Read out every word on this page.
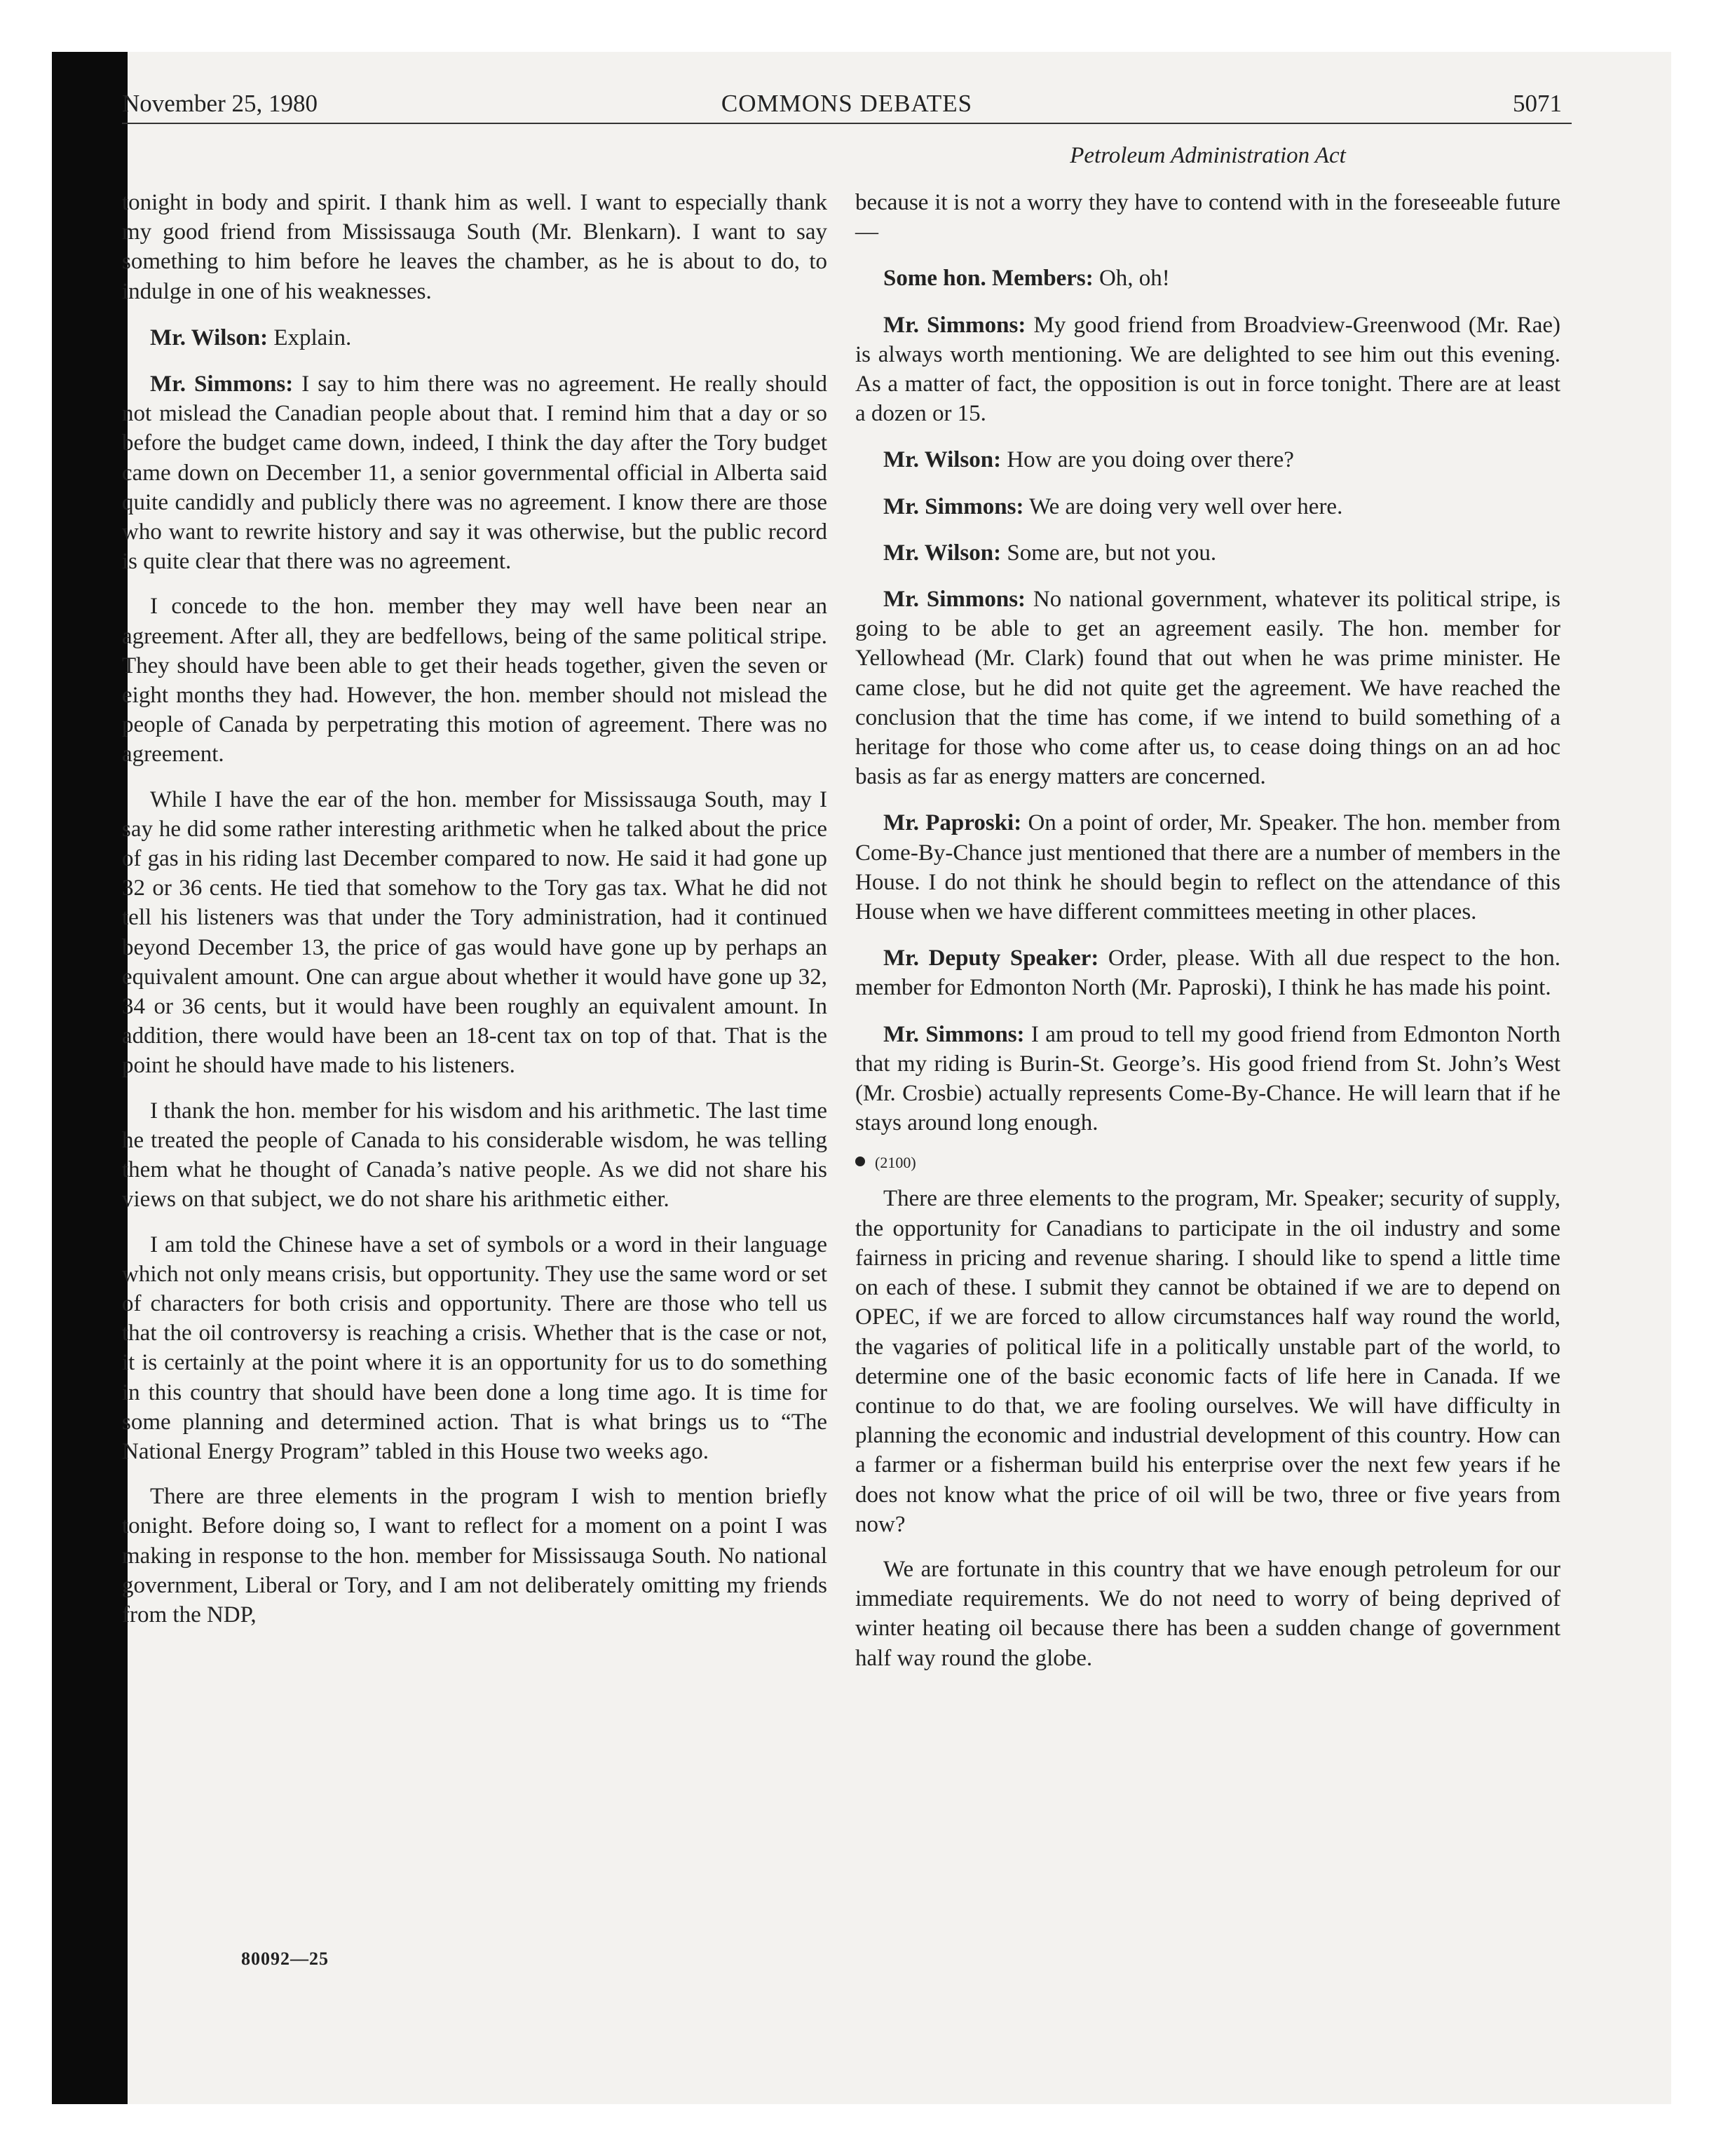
November 25, 1980	COMMONS DEBATES	5071
Petroleum Administration Act

tonight in body and spirit. I thank him as well. I want to especially thank my good friend from Mississauga South (Mr. Blenkarn). I want to say something to him before he leaves the chamber, as he is about to do, to indulge in one of his weaknesses.

Mr. Wilson: Explain.

Mr. Simmons: I say to him there was no agreement. He really should not mislead the Canadian people about that. I remind him that a day or so before the budget came down, indeed, I think the day after the Tory budget came down on December 11, a senior governmental official in Alberta said quite candidly and publicly there was no agreement. I know there are those who want to rewrite history and say it was otherwise, but the public record is quite clear that there was no agreement.

I concede to the hon. member they may well have been near an agreement. After all, they are bedfellows, being of the same political stripe. They should have been able to get their heads together, given the seven or eight months they had. However, the hon. member should not mislead the people of Canada by perpetrating this motion of agreement. There was no agreement.

While I have the ear of the hon. member for Mississauga South, may I say he did some rather interesting arithmetic when he talked about the price of gas in his riding last December compared to now. He said it had gone up 32 or 36 cents. He tied that somehow to the Tory gas tax. What he did not tell his listeners was that under the Tory administration, had it continued beyond December 13, the price of gas would have gone up by perhaps an equivalent amount. One can argue about whether it would have gone up 32, 34 or 36 cents, but it would have been roughly an equivalent amount. In addition, there would have been an 18-cent tax on top of that. That is the point he should have made to his listeners.

I thank the hon. member for his wisdom and his arithmetic. The last time he treated the people of Canada to his considerable wisdom, he was telling them what he thought of Canada’s native people. As we did not share his views on that subject, we do not share his arithmetic either.

I am told the Chinese have a set of symbols or a word in their language which not only means crisis, but opportunity. They use the same word or set of characters for both crisis and opportunity. There are those who tell us that the oil controversy is reaching a crisis. Whether that is the case or not, it is certainly at the point where it is an opportunity for us to do something in this country that should have been done a long time ago. It is time for some planning and determined action. That is what brings us to “The National Energy Program” tabled in this House two weeks ago.

There are three elements in the program I wish to mention briefly tonight. Before doing so, I want to reflect for a moment on a point I was making in response to the hon. member for Mississauga South. No national government, Liberal or Tory, and I am not deliberately omitting my friends from the NDP,

because it is not a worry they have to contend with in the foreseeable future—

Some hon. Members: Oh, oh!

Mr. Simmons: My good friend from Broadview-Greenwood (Mr. Rae) is always worth mentioning. We are delighted to see him out this evening. As a matter of fact, the opposition is out in force tonight. There are at least a dozen or 15.

Mr. Wilson: How are you doing over there?

Mr. Simmons: We are doing very well over here.

Mr. Wilson: Some are, but not you.

Mr. Simmons: No national government, whatever its political stripe, is going to be able to get an agreement easily. The hon. member for Yellowhead (Mr. Clark) found that out when he was prime minister. He came close, but he did not quite get the agreement. We have reached the conclusion that the time has come, if we intend to build something of a heritage for those who come after us, to cease doing things on an ad hoc basis as far as energy matters are concerned.

Mr. Paproski: On a point of order, Mr. Speaker. The hon. member from Come-By-Chance just mentioned that there are a number of members in the House. I do not think he should begin to reflect on the attendance of this House when we have different committees meeting in other places.

Mr. Deputy Speaker: Order, please. With all due respect to the hon. member for Edmonton North (Mr. Paproski), I think he has made his point.

Mr. Simmons: I am proud to tell my good friend from Edmonton North that my riding is Burin-St. George’s. His good friend from St. John’s West (Mr. Crosbie) actually represents Come-By-Chance. He will learn that if he stays around long enough.

(2100)

There are three elements to the program, Mr. Speaker; security of supply, the opportunity for Canadians to participate in the oil industry and some fairness in pricing and revenue sharing. I should like to spend a little time on each of these. I submit they cannot be obtained if we are to depend on OPEC, if we are forced to allow circumstances half way round the world, the vagaries of political life in a politically unstable part of the world, to determine one of the basic economic facts of life here in Canada. If we continue to do that, we are fooling ourselves. We will have difficulty in planning the economic and industrial development of this country. How can a farmer or a fisherman build his enterprise over the next few years if he does not know what the price of oil will be two, three or five years from now?

We are fortunate in this country that we have enough petroleum for our immediate requirements. We do not need to worry of being deprived of winter heating oil because there has been a sudden change of government half way round the globe.

80092—25
